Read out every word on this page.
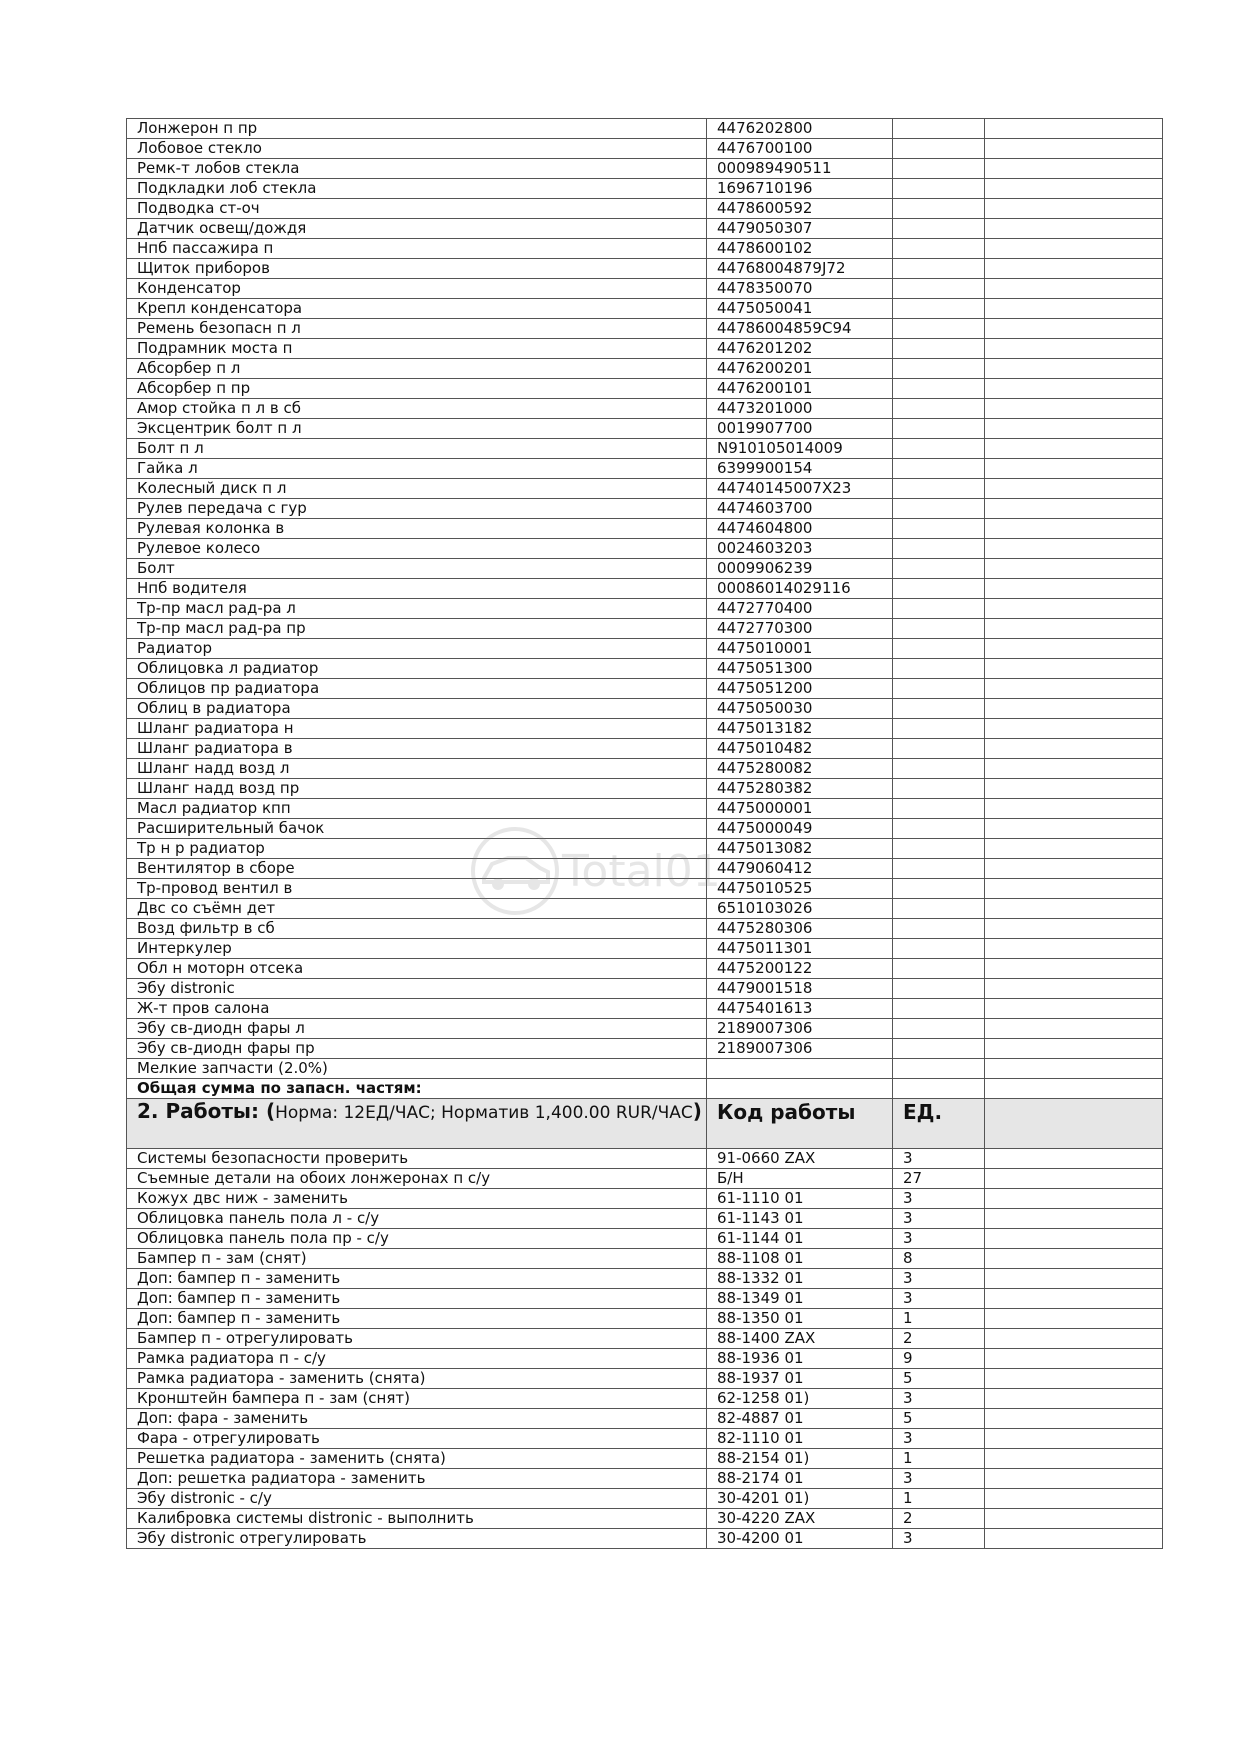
Лонжерон п пр	4476202800		
Лобовое стекло	4476700100		
Ремк-т лобов стекла	000989490511		
Подкладки лоб стекла	1696710196		
Подводка ст-оч	4478600592		
Датчик освещ/дождя	4479050307		
Нпб пассажира п	4478600102		
Щиток приборов	44768004879J72		
Конденсатор	4478350070		
Крепл конденсатора	4475050041		
Ремень безопасн п л	44786004859C94		
Подрамник моста п	4476201202		
Абсорбер п л	4476200201		
Абсорбер п пр	4476200101		
Амор стойка п л в сб	4473201000		
Эксцентрик болт п л	0019907700		
Болт п л	N910105014009		
Гайка л	6399900154		
Колесный диск п л	44740145007X23		
Рулев передача с гур	4474603700		
Рулевая колонка в	4474604800		
Рулевое колесо	0024603203		
Болт	0009906239		
Нпб водителя	00086014029116		
Тр-пр масл рад-ра л	4472770400		
Тр-пр масл рад-ра пр	4472770300		
Радиатор	4475010001		
Облицовка л радиатор	4475051300		
Облицов пр радиатора	4475051200		
Облиц в радиатора	4475050030		
Шланг радиатора н	4475013182		
Шланг радиатора в	4475010482		
Шланг надд возд л	4475280082		
Шланг надд возд пр	4475280382		
Масл радиатор кпп	4475000001		
Расширительный бачок	4475000049		
Тр н р радиатор	4475013082		
Вентилятор в сборе	4479060412		
Тр-провод вентил в	4475010525		
Двс со съёмн дет	6510103026		
Возд фильтр в сб	4475280306		
Интеркулер	4475011301		
Обл н моторн отсека	4475200122		
Эбу distronic	4479001518		
Ж-т пров салона	4475401613		
Эбу св-диодн фары л	2189007306		
Эбу св-диодн фары пр	2189007306		
Мелкие запчасти (2.0%)			
Общая сумма по запасн. частям:			
2. Работы: (Норма: 12ЕД/ЧАС; Норматив 1,400.00 RUR/ЧАС)	Код работы	ЕД.	
Системы безопасности проверить	91-0660 ZAX	3	
Съемные детали на обоих лонжеронах п с/у	Б/Н	27	
Кожух двс ниж - заменить	61-1110 01	3	
Облицовка панель пола л - с/у	61-1143 01	3	
Облицовка панель пола пр - с/у	61-1144 01	3	
Бампер п - зам (снят)	88-1108 01	8	
Доп: бампер п - заменить	88-1332 01	3	
Доп: бампер п - заменить	88-1349 01	3	
Доп: бампер п - заменить	88-1350 01	1	
Бампер п - отрегулировать	88-1400 ZAX	2	
Рамка радиатора п - с/у	88-1936 01	9	
Рамка радиатора - заменить (снята)	88-1937 01	5	
Кронштейн бампера п - зам (снят)	62-1258 01)	3	
Доп: фара - заменить	82-4887 01	5	
Фара - отрегулировать	82-1110 01	3	
Решетка радиатора - заменить (снята)	88-2154 01)	1	
Доп: решетка радиатора - заменить	88-2174 01	3	
Эбу distronic - с/у	30-4201 01)	1	
Калибровка системы distronic - выполнить	30-4220 ZAX	2	
Эбу distronic отрегулировать	30-4200 01	3	
Total01
